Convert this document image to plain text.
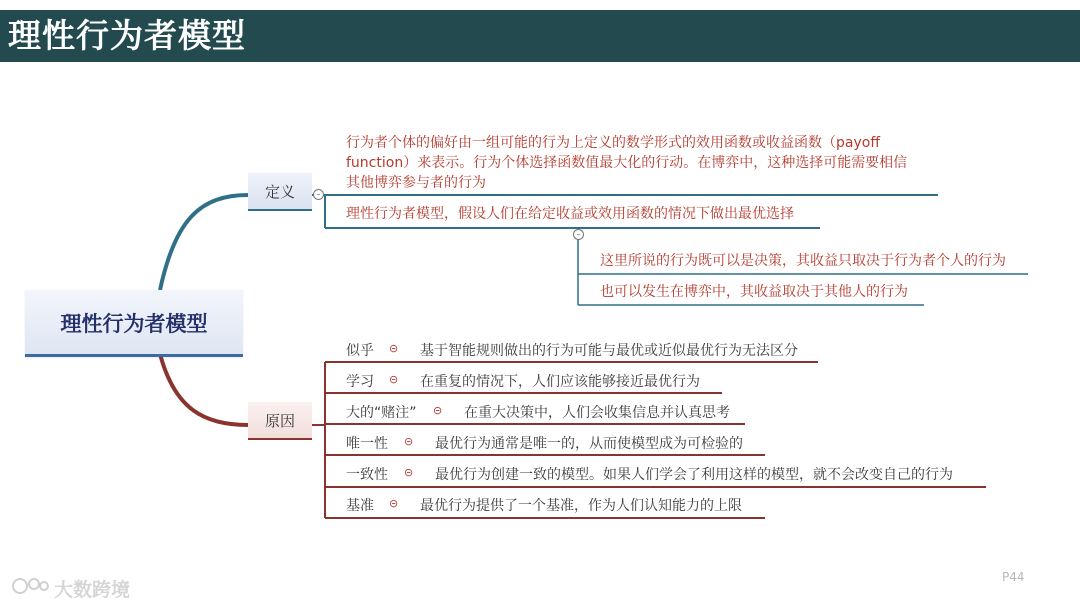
理性行为者模型
理性行为者模型
定义	–
原因
行为者个体的偏好由一组可能的行为上定义的数学形式的效用函数或收益函数（payoff
function）来表示。行为个体选择函数值最大化的行动。在博弈中，这种选择可能需要相信
其他博弈参与者的行为
理性行为者模型，假设人们在给定收益或效用函数的情况下做出最优选择
–
这里所说的行为既可以是决策，其收益只取决于行为者个人的行为
也可以发生在博弈中，其收益取决于其他人的行为
似乎 ⊝ 基于智能规则做出的行为可能与最优或近似最优行为无法区分
学习 ⊝ 在重复的情况下，人们应该能够接近最优行为
大的“赌注” ⊝ 在重大决策中，人们会收集信息并认真思考
唯一性 ⊝ 最优行为通常是唯一的，从而使模型成为可检验的
一致性 ⊝ 最优行为创建一致的模型。如果人们学会了利用这样的模型，就不会改变自己的行为
基准 ⊝ 最优行为提供了一个基准，作为人们认知能力的上限
大数跨境
P44
